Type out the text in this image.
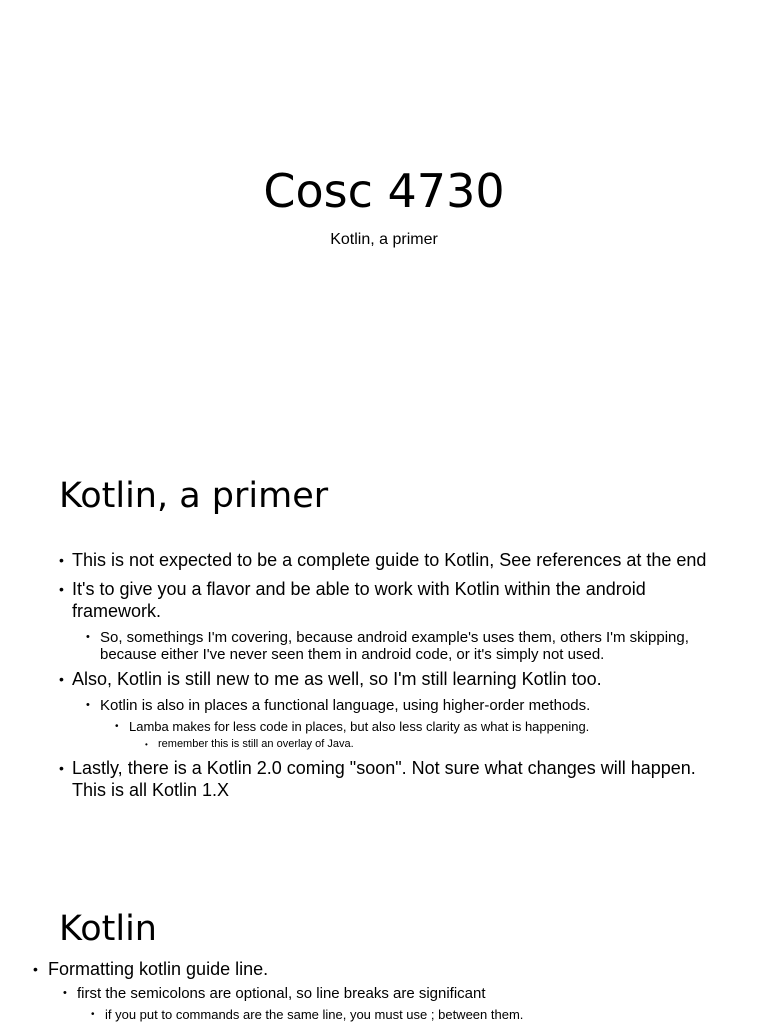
Cosc 4730
Kotlin, a primer
Kotlin, a primer
• This is not expected to be a complete guide to Kotlin, See references at the end
• It's to give you a flavor and be able to work with Kotlin within the android framework.
• So, somethings I'm covering, because android example's uses them, others I'm skipping, because either I've never seen them in android code, or it's simply not used.
• Also, Kotlin is still new to me as well, so I'm still learning Kotlin too.
• Kotlin is also in places a functional language, using higher-order methods.
• Lamba makes for less code in places, but also less clarity as what is happening.
• remember this is still an overlay of Java.
• Lastly, there is a Kotlin 2.0 coming "soon". Not sure what changes will happen. This is all Kotlin 1.X
Kotlin
• Formatting kotlin guide line.
• first the semicolons are optional, so line breaks are significant
• if you put to commands are the same line, you must use ; between them.
